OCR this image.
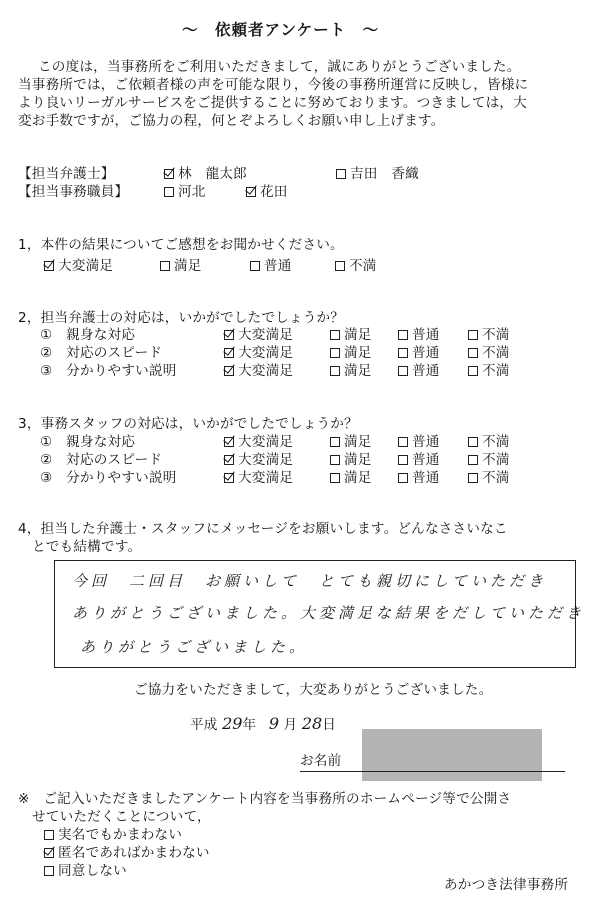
〜　依頼者アンケート　〜
この度は，当事務所をご利用いただきまして，誠にありがとうございました。
当事務所では，ご依頼者様の声を可能な限り，今後の事務所運営に反映し，皆様に
より良いリーガルサービスをご提供することに努めております。つきましては，大
変お手数ですが，ご協力の程，何とぞよろしくお願い申し上げます。
【担当弁護士】	林　龍太郎	吉田　香織
【担当事務職員】	河北	花田
1，本件の結果についてご感想をお聞かせください。
大変満足	満足	普通	不満
2，担当弁護士の対応は，いかがでしたでしょうか？
①　親身な対応	大変満足	満足	普通	不満
②　対応のスピード	大変満足	満足	普通	不満
③　分かりやすい説明	大変満足	満足	普通	不満
3，事務スタッフの対応は，いかがでしたでしょうか？
①　親身な対応	大変満足	満足	普通	不満
②　対応のスピード	大変満足	満足	普通	不満
③　分かりやすい説明	大変満足	満足	普通	不満
4，担当した弁護士・スタッフにメッセージをお願いします。どんなささいなこ
とでも結構です。
今回　二回目　お願いして　とても親切にしていただき
ありがとうございました。大変満足な結果をだしていただき
ありがとうございました。
ご協力をいただきまして，大変ありがとうございました。
平成 29年 9 月 28日
お名前
※　ご記入いただきましたアンケート内容を当事務所のホームページ等で公開さ
せていただくことについて，
実名でもかまわない
匿名であればかまわない
同意しない
あかつき法律事務所
